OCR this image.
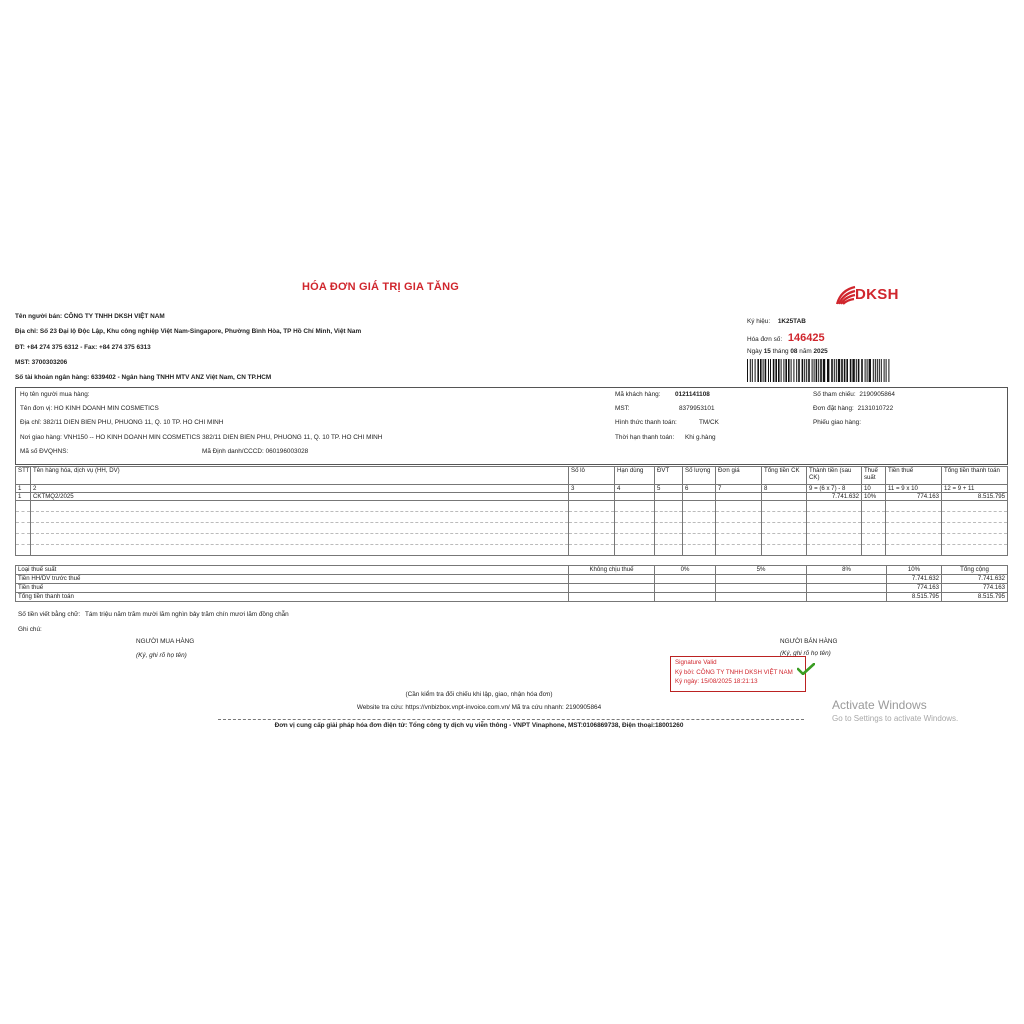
HÓA ĐƠN GIÁ TRỊ GIA TĂNG	DKSH
Tên người bán: CÔNG TY TNHH DKSH VIỆT NAM
Địa chỉ: Số 23 Đại lộ Độc Lập, Khu công nghiệp Việt Nam-Singapore, Phường Bình Hòa, TP Hồ Chí Minh, Việt Nam
ĐT: +84 274 375 6312 - Fax: +84 274 375 6313
MST: 3700303206
Số tài khoản ngân hàng: 6339402 - Ngân hàng TNHH MTV ANZ Việt Nam, CN TP.HCM
Ký hiệu: 1K25TAB
Hóa đơn số: 146425
Ngày 15 tháng 08 năm 2025
Họ tên người mua hàng:
Tên đơn vị: HO KINH DOANH MIN COSMETICS
Địa chỉ: 382/11 DIEN BIEN PHU, PHUONG 11, Q. 10 TP. HO CHI MINH
Nơi giao hàng: VNH150 -- HO KINH DOANH MIN COSMETICS 382/11 DIEN BIEN PHU, PHUONG 11, Q. 10 TP. HO CHI MINH
Mã số ĐVQHNS:	Mã Định danh/CCCD: 060196003028
Mã khách hàng: 0121141108
MST:	8379953101
Hình thức thanh toán:	TM/CK
Thời hạn thanh toán: Khi g.hàng
Số tham chiếu: 2190905864
Đơn đặt hàng: 2131010722
Phiếu giao hàng:
STT	Tên hàng hóa, dịch vụ (HH, DV)	Số lô	Hạn dùng	ĐVT	Số lượng	Đơn giá	Tổng tiền CK	Thành tiền (sau CK)	Thuế suất	Tiền thuế	Tổng tiền thanh toán
1	2	3	4	5	6	7	8	9 = (6 x 7) - 8	10	11 = 9 x 10	12 = 9 + 11
1	CKTMQ2/2025							7.741.632	10%	774.163	8.515.795

Loại thuế suất	Không chịu thuế	0%	5%	8%	10%	Tổng cộng
Tiền HH/DV trước thuế					7.741.632	7.741.632
Tiền thuế					774.163	774.163
Tổng tiền thanh toán					8.515.795	8.515.795
Số tiền viết bằng chữ: Tám triệu năm trăm mười lăm nghìn bảy trăm chín mươi lăm đồng chẵn
Ghi chú:
NGƯỜI MUA HÀNG
(Ký, ghi rõ họ tên)
NGƯỜI BÁN HÀNG
(Ký, ghi rõ họ tên)
Signature Valid
Ký bởi: CÔNG TY TNHH DKSH VIỆT NAM
Ký ngày: 15/08/2025 18:21:13
(Cần kiểm tra đối chiếu khi lập, giao, nhận hóa đơn)
Website tra cứu: https://vnbizbox.vnpt-invoice.com.vn/ Mã tra cứu nhanh: 2190905864
Đơn vị cung cấp giải pháp hóa đơn điện tử: Tổng công ty dịch vụ viễn thông - VNPT Vinaphone, MST:0106869738, Điện thoại:18001260
Activate Windows
Go to Settings to activate Windows.
